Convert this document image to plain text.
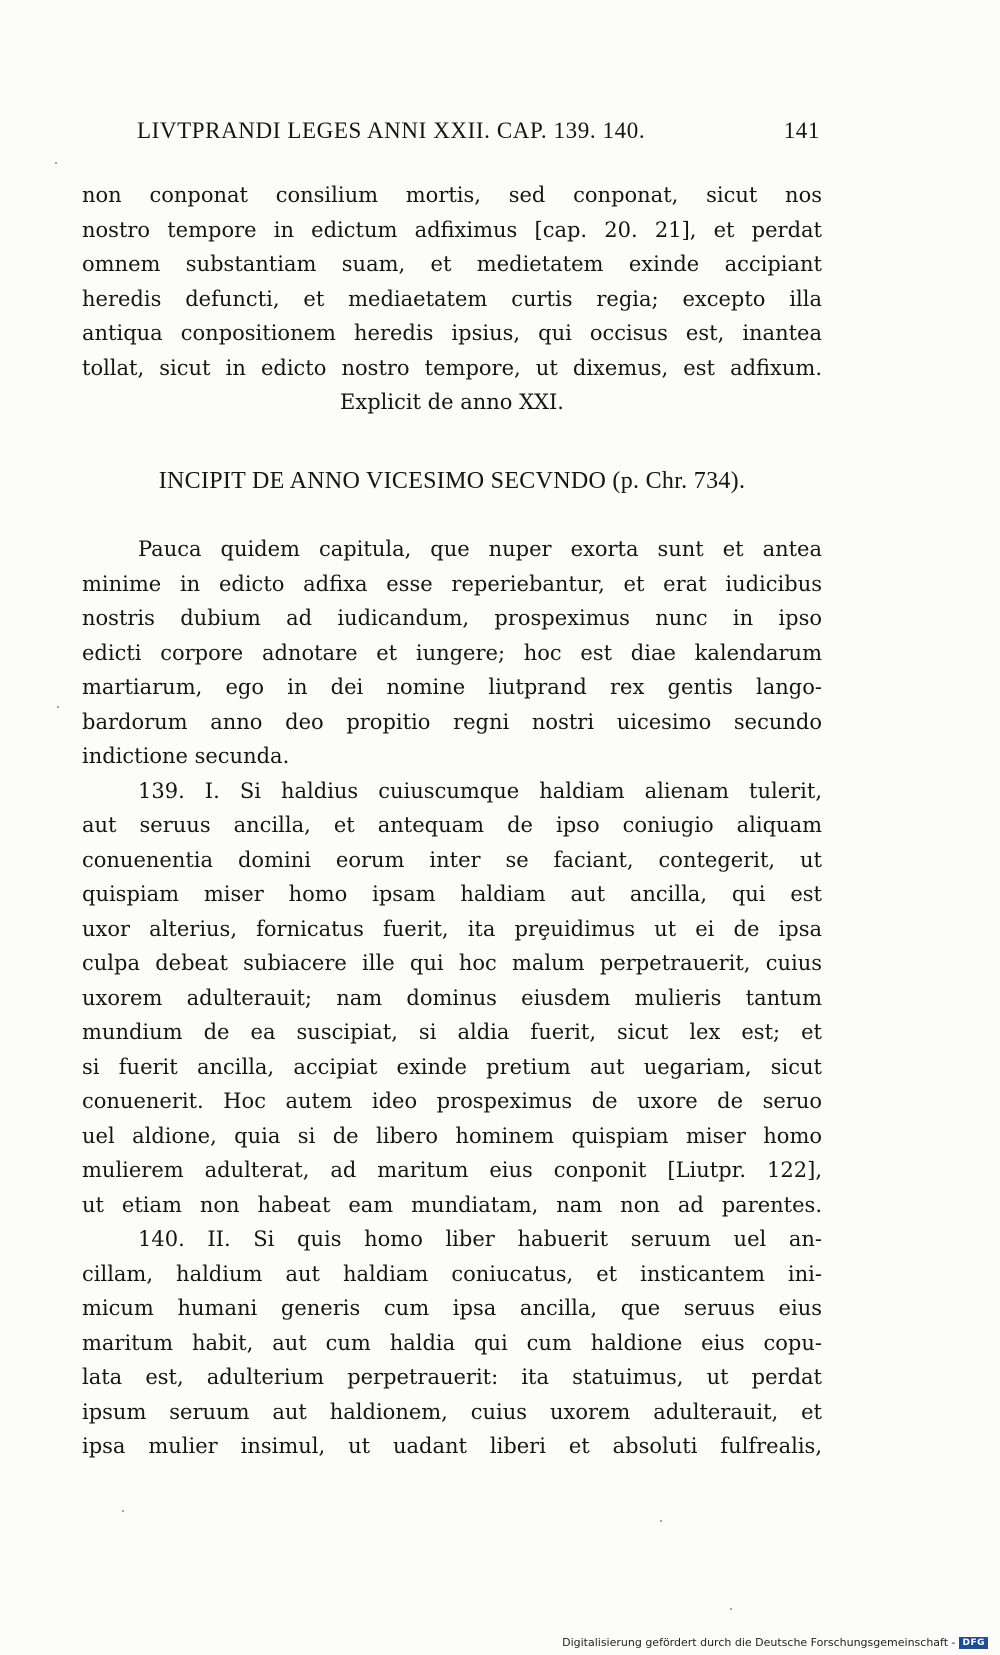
LIVTPRANDI LEGES ANNI XXII. CAP. 139. 140.	141
non conponat consilium mortis, sed conponat, sicut nos
nostro tempore in edictum adfiximus [cap. 20. 21], et perdat
omnem substantiam suam, et medietatem exinde accipiant
heredis defuncti, et mediaetatem curtis regia; excepto illa
antiqua conpositionem heredis ipsius, qui occisus est, inantea
tollat, sicut in edicto nostro tempore, ut dixemus, est adfixum.
Explicit de anno XXI.
INCIPIT DE ANNO VICESIMO SECVNDO (p. Chr. 734).
Pauca quidem capitula, que nuper exorta sunt et antea
minime in edicto adfixa esse reperiebantur, et erat iudicibus
nostris dubium ad iudicandum, prospeximus nunc in ipso
edicti corpore adnotare et iungere; hoc est diae kalendarum
martiarum, ego in dei nomine liutprand rex gentis lango-
bardorum anno deo propitio regni nostri uicesimo secundo
indictione secunda.
139. I. Si haldius cuiuscumque haldiam alienam tulerit,
aut seruus ancilla, et antequam de ipso coniugio aliquam
conuenentia domini eorum inter se faciant, contegerit, ut
quispiam miser homo ipsam haldiam aut ancilla, qui est
uxor alterius, fornicatus fuerit, ita prȩuidimus ut ei de ipsa
culpa debeat subiacere ille qui hoc malum perpetrauerit, cuius
uxorem adulterauit; nam dominus eiusdem mulieris tantum
mundium de ea suscipiat, si aldia fuerit, sicut lex est; et
si fuerit ancilla, accipiat exinde pretium aut uegariam, sicut
conuenerit. Hoc autem ideo prospeximus de uxore de seruo
uel aldione, quia si de libero hominem quispiam miser homo
mulierem adulterat, ad maritum eius conponit [Liutpr. 122],
ut etiam non habeat eam mundiatam, nam non ad parentes.
140. II. Si quis homo liber habuerit seruum uel an-
cillam, haldium aut haldiam coniucatus, et insticantem ini-
micum humani generis cum ipsa ancilla, que seruus eius
maritum habit, aut cum haldia qui cum haldione eius copu-
lata est, adulterium perpetrauerit: ita statuimus, ut perdat
ipsum seruum aut haldionem, cuius uxorem adulterauit, et
ipsa mulier insimul, ut uadant liberi et absoluti fulfrealis,
Digitalisierung gefördert durch die Deutsche Forschungsgemeinschaft - DFG
